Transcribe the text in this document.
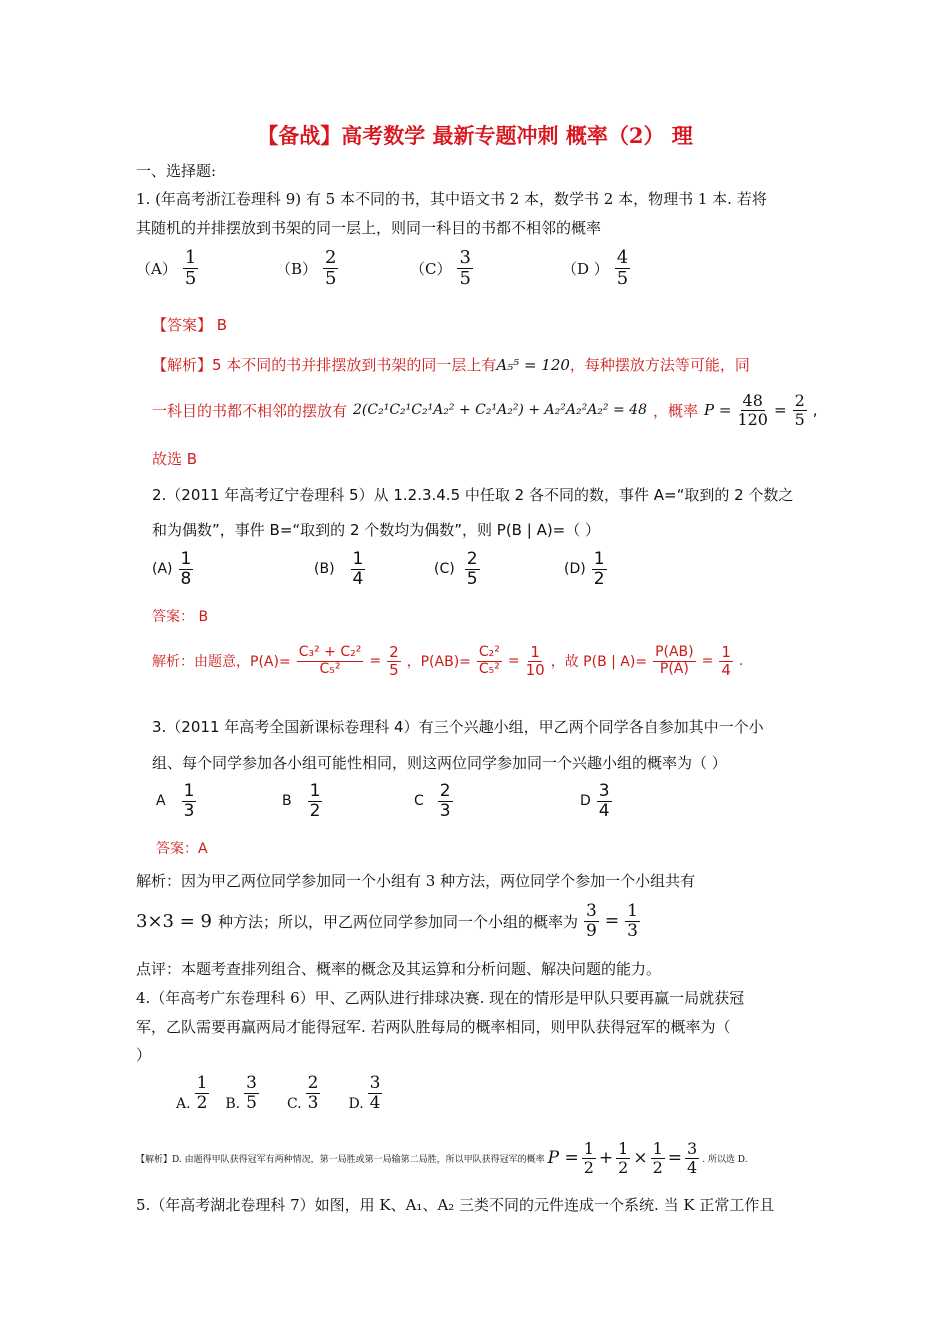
【备战】高考数学 最新专题冲刺 概率（2） 理
一、选择题:
1. (年高考浙江卷理科 9) 有 5 本不同的书，其中语文书 2 本，数学书 2 本，物理书 1 本. 若将
其随机的并排摆放到书架的同一层上，则同一科目的书都不相邻的概率
$(A) \frac{1}{5}$	$(B) \frac{2}{5}$	$(C) \frac{3}{5}$	（D ） $\frac{4}{5}$
【答案】 B
【解析】5 本不同的书并排摆放到书架的同一层上有A₅⁵ = 120，每种摆放方法等可能，同
一科目的书都不相邻的摆放有 2(C₂¹C₂¹C₂¹A₂² + C₂¹A₂²) + A₂²A₂²A₂² = 48 ，概率 $P = \frac{48}{120} = \frac{2}{5}$ ,
故选 B
2.（2011 年高考辽宁卷理科 5）从 1.2.3.4.5 中任取 2 各不同的数，事件 A=“取到的 2 个数之
和为偶数”，事件 B=“取到的 2 个数均为偶数”，则 P(B | A)=（ ）
$(A) \frac{1}{8}$	$(B) \frac{1}{4}$	$(C) \frac{2}{5}$	$(D) \frac{1}{2}$
答案： B
解析：由题意，$P(A)= \frac{\text{C₃² + C₂²}}{\text{C₅²}} = \frac{2}{5}$ ，$P(AB)= \frac{\text{C₂²}}{\text{C₅²}} = \frac{1}{10}$ ，故 P(B | $A)= \frac{P(AB)}{P(A)} = \frac{1}{4}$ .
3.（2011 年高考全国新课标卷理科 4）有三个兴趣小组，甲乙两个同学各自参加其中一个小
组、每个同学参加各小组可能性相同，则这两位同学参加同一个兴趣小组的概率为（ ）
A $\frac{1}{3}$	B $\frac{1}{2}$	C $\frac{2}{3}$	D $\frac{3}{4}$
答案：A
解析：因为甲乙两位同学参加同一个小组有 3 种方法，两位同学个参加一个小组共有
3×3 = 9 种方法；所以，甲乙两位同学参加同一个小组的概率为 $\frac{3}{9} = \frac{1}{3}$
点评：本题考查排列组合、概率的概念及其运算和分析问题、解决问题的能力。
4.（年高考广东卷理科 6）甲、乙两队进行排球决赛. 现在的情形是甲队只要再赢一局就获冠
军，乙队需要再赢两局才能得冠军. 若两队胜每局的概率相同，则甲队获得冠军的概率为（
）
A. $\frac{1}{2} B$. $\frac{3}{5} C$. $\frac{2}{3} D$. $\frac{3}{4}$
【解析】D. 由题得甲队获得冠军有两种情况，第一局胜或第一局输第二局胜，所以甲队获得冠军的概率 $P = \frac{1}{2} + \frac{1}{2} \times \frac{1}{2} = \frac{3}{4}$ . 所以选 D.
5.（年高考湖北卷理科 7）如图，用 K、A₁、A₂ 三类不同的元件连成一个系统. 当 K 正常工作且
